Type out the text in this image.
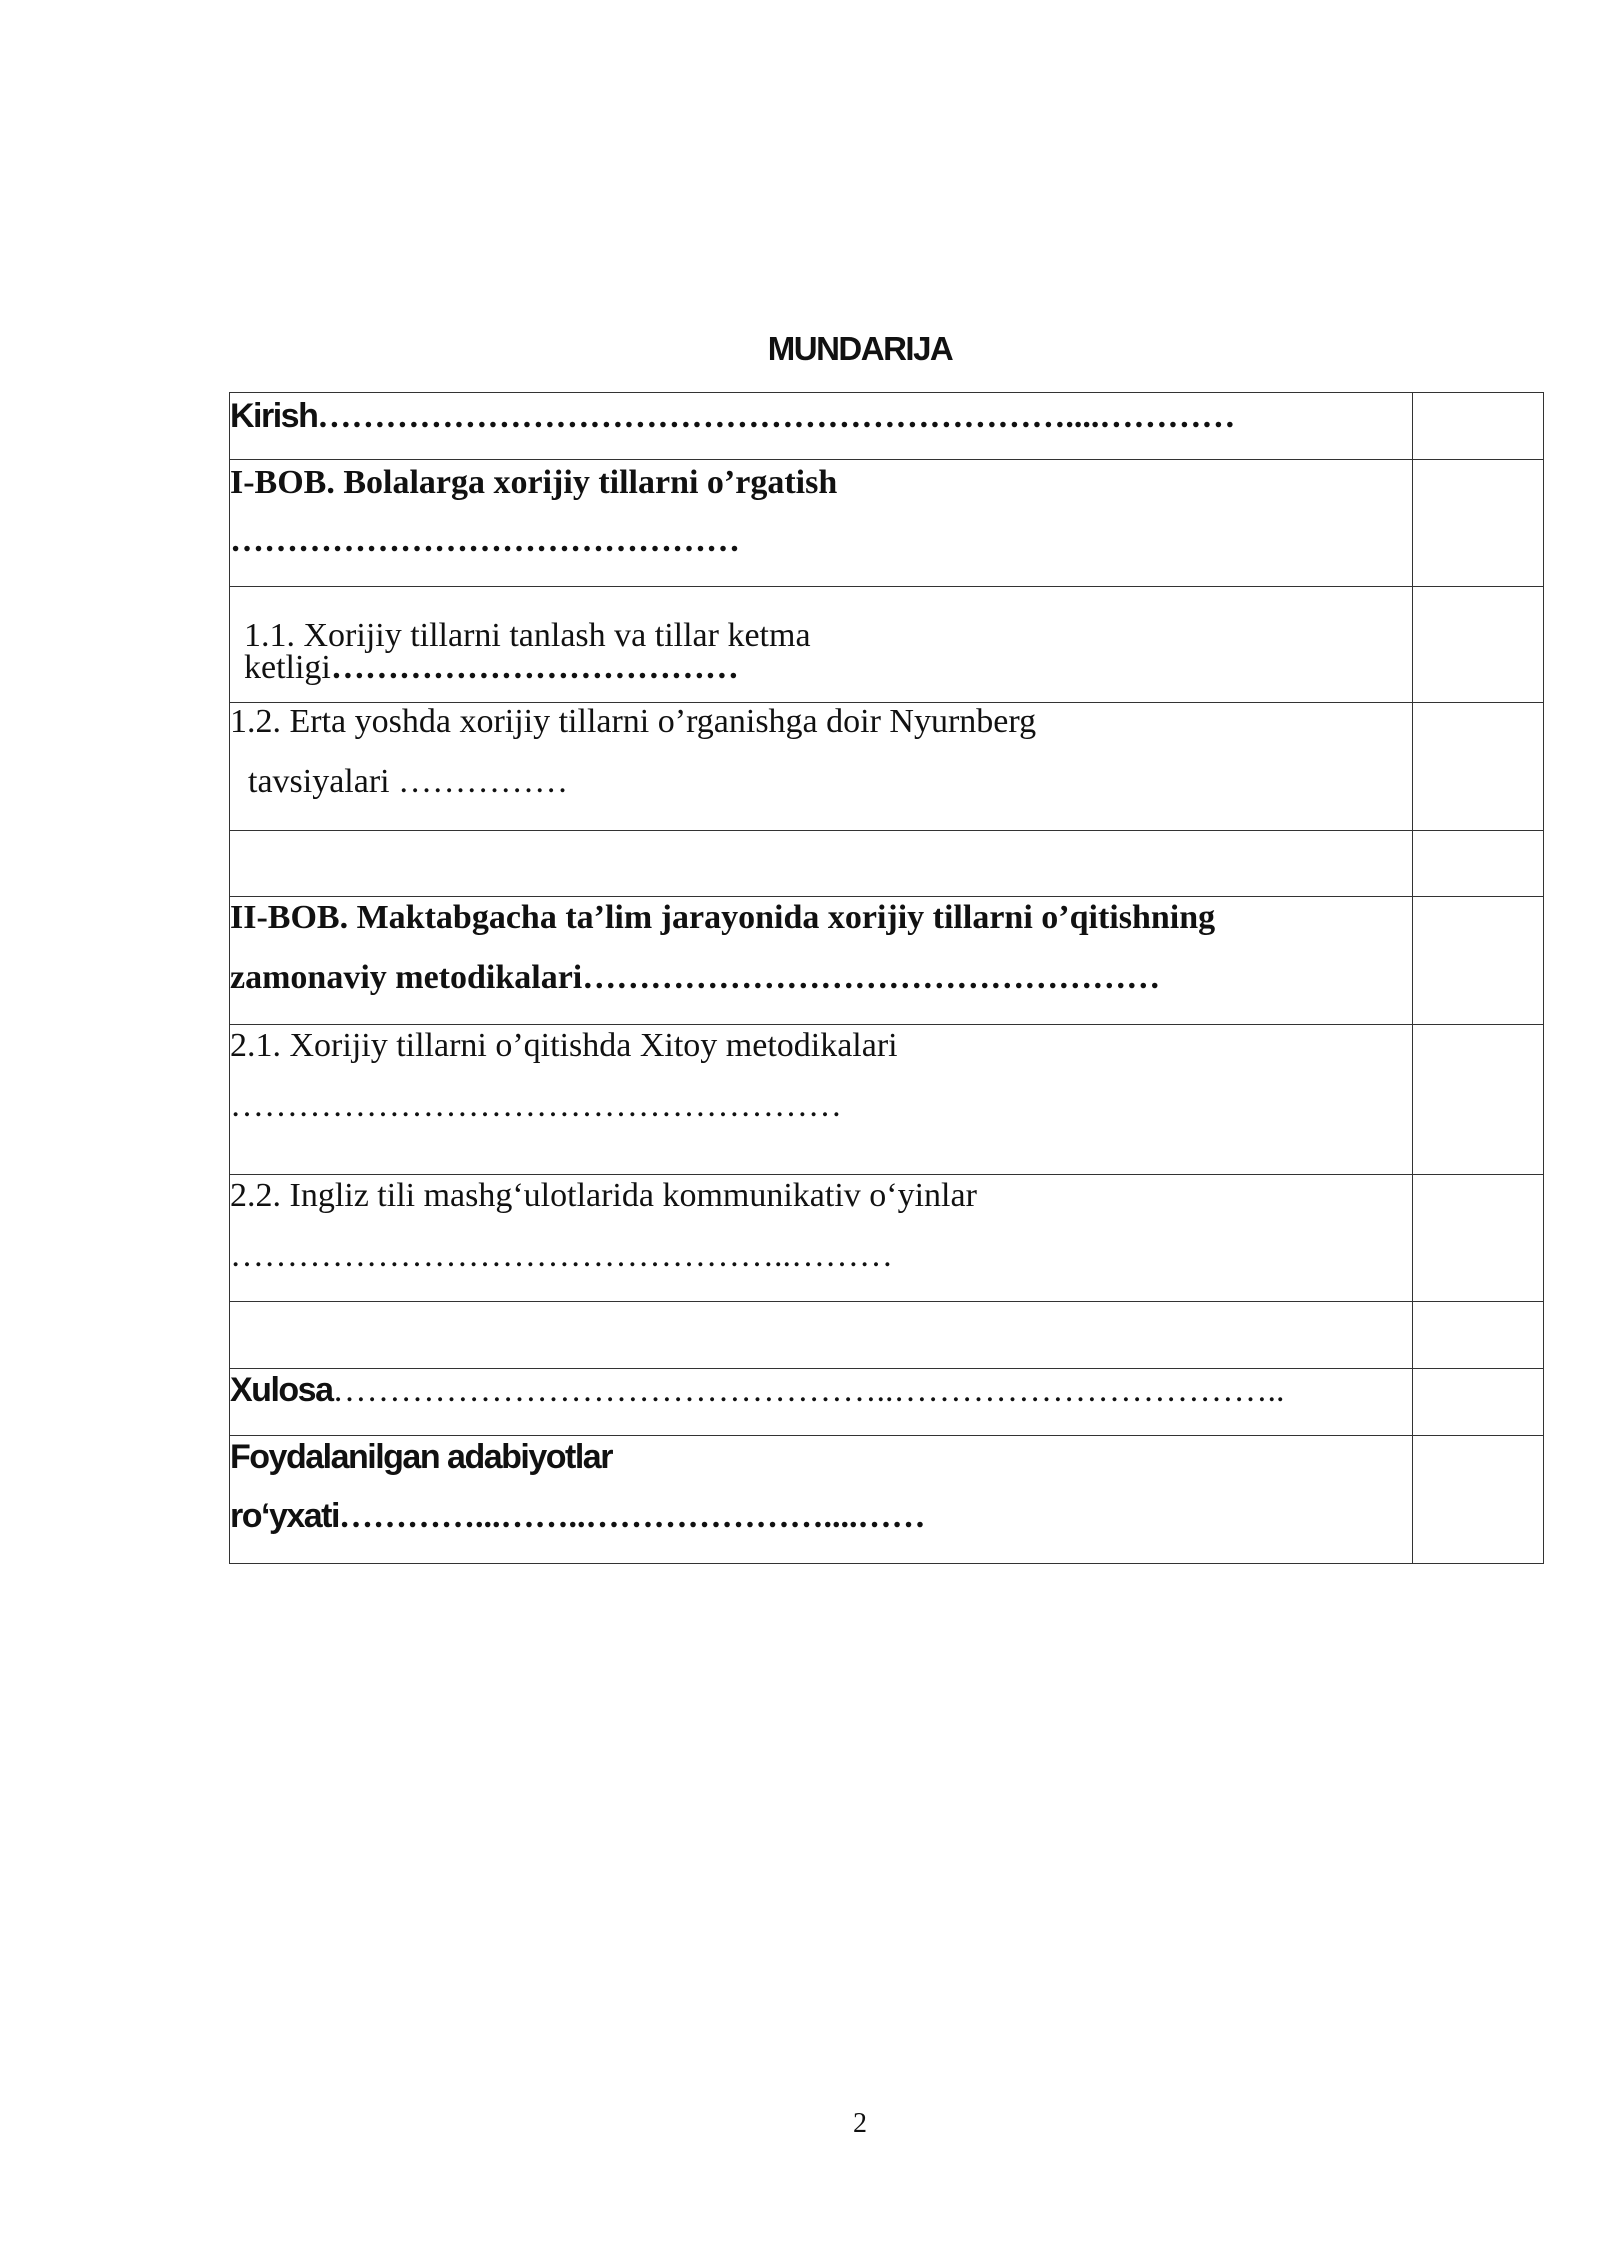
MUNDARIJA
Kirish…………………………………………………………....…………	

I-BOB. Bolalarga xorijiy tillarni o’rgatish
………………………………………	

1.1. Xorijiy tillarni tanlash va tillar ketma
ketligi………………………………	

1.2. Erta yoshda xorijiy tillarni o’rganishga doir Nyurnberg
tavsiyalari ……………	

II-BOB. Maktabgacha ta’lim jarayonida xorijiy tillarni o’qitishning
zamonaviy metodikalari……………………………………………	

2.1. Xorijiy tillarni o’qitishda Xitoy metodikalari
………………………………………………	

2.2. Ingliz tili mashg‘ulotlarida kommunikativ o‘yinlar
…………………………………………..………	

Xulosa…………………………………………..……………………………..	

Foydalanilgan adabiyotlar
ro‘yxati…………...……..…………………....……	

2
